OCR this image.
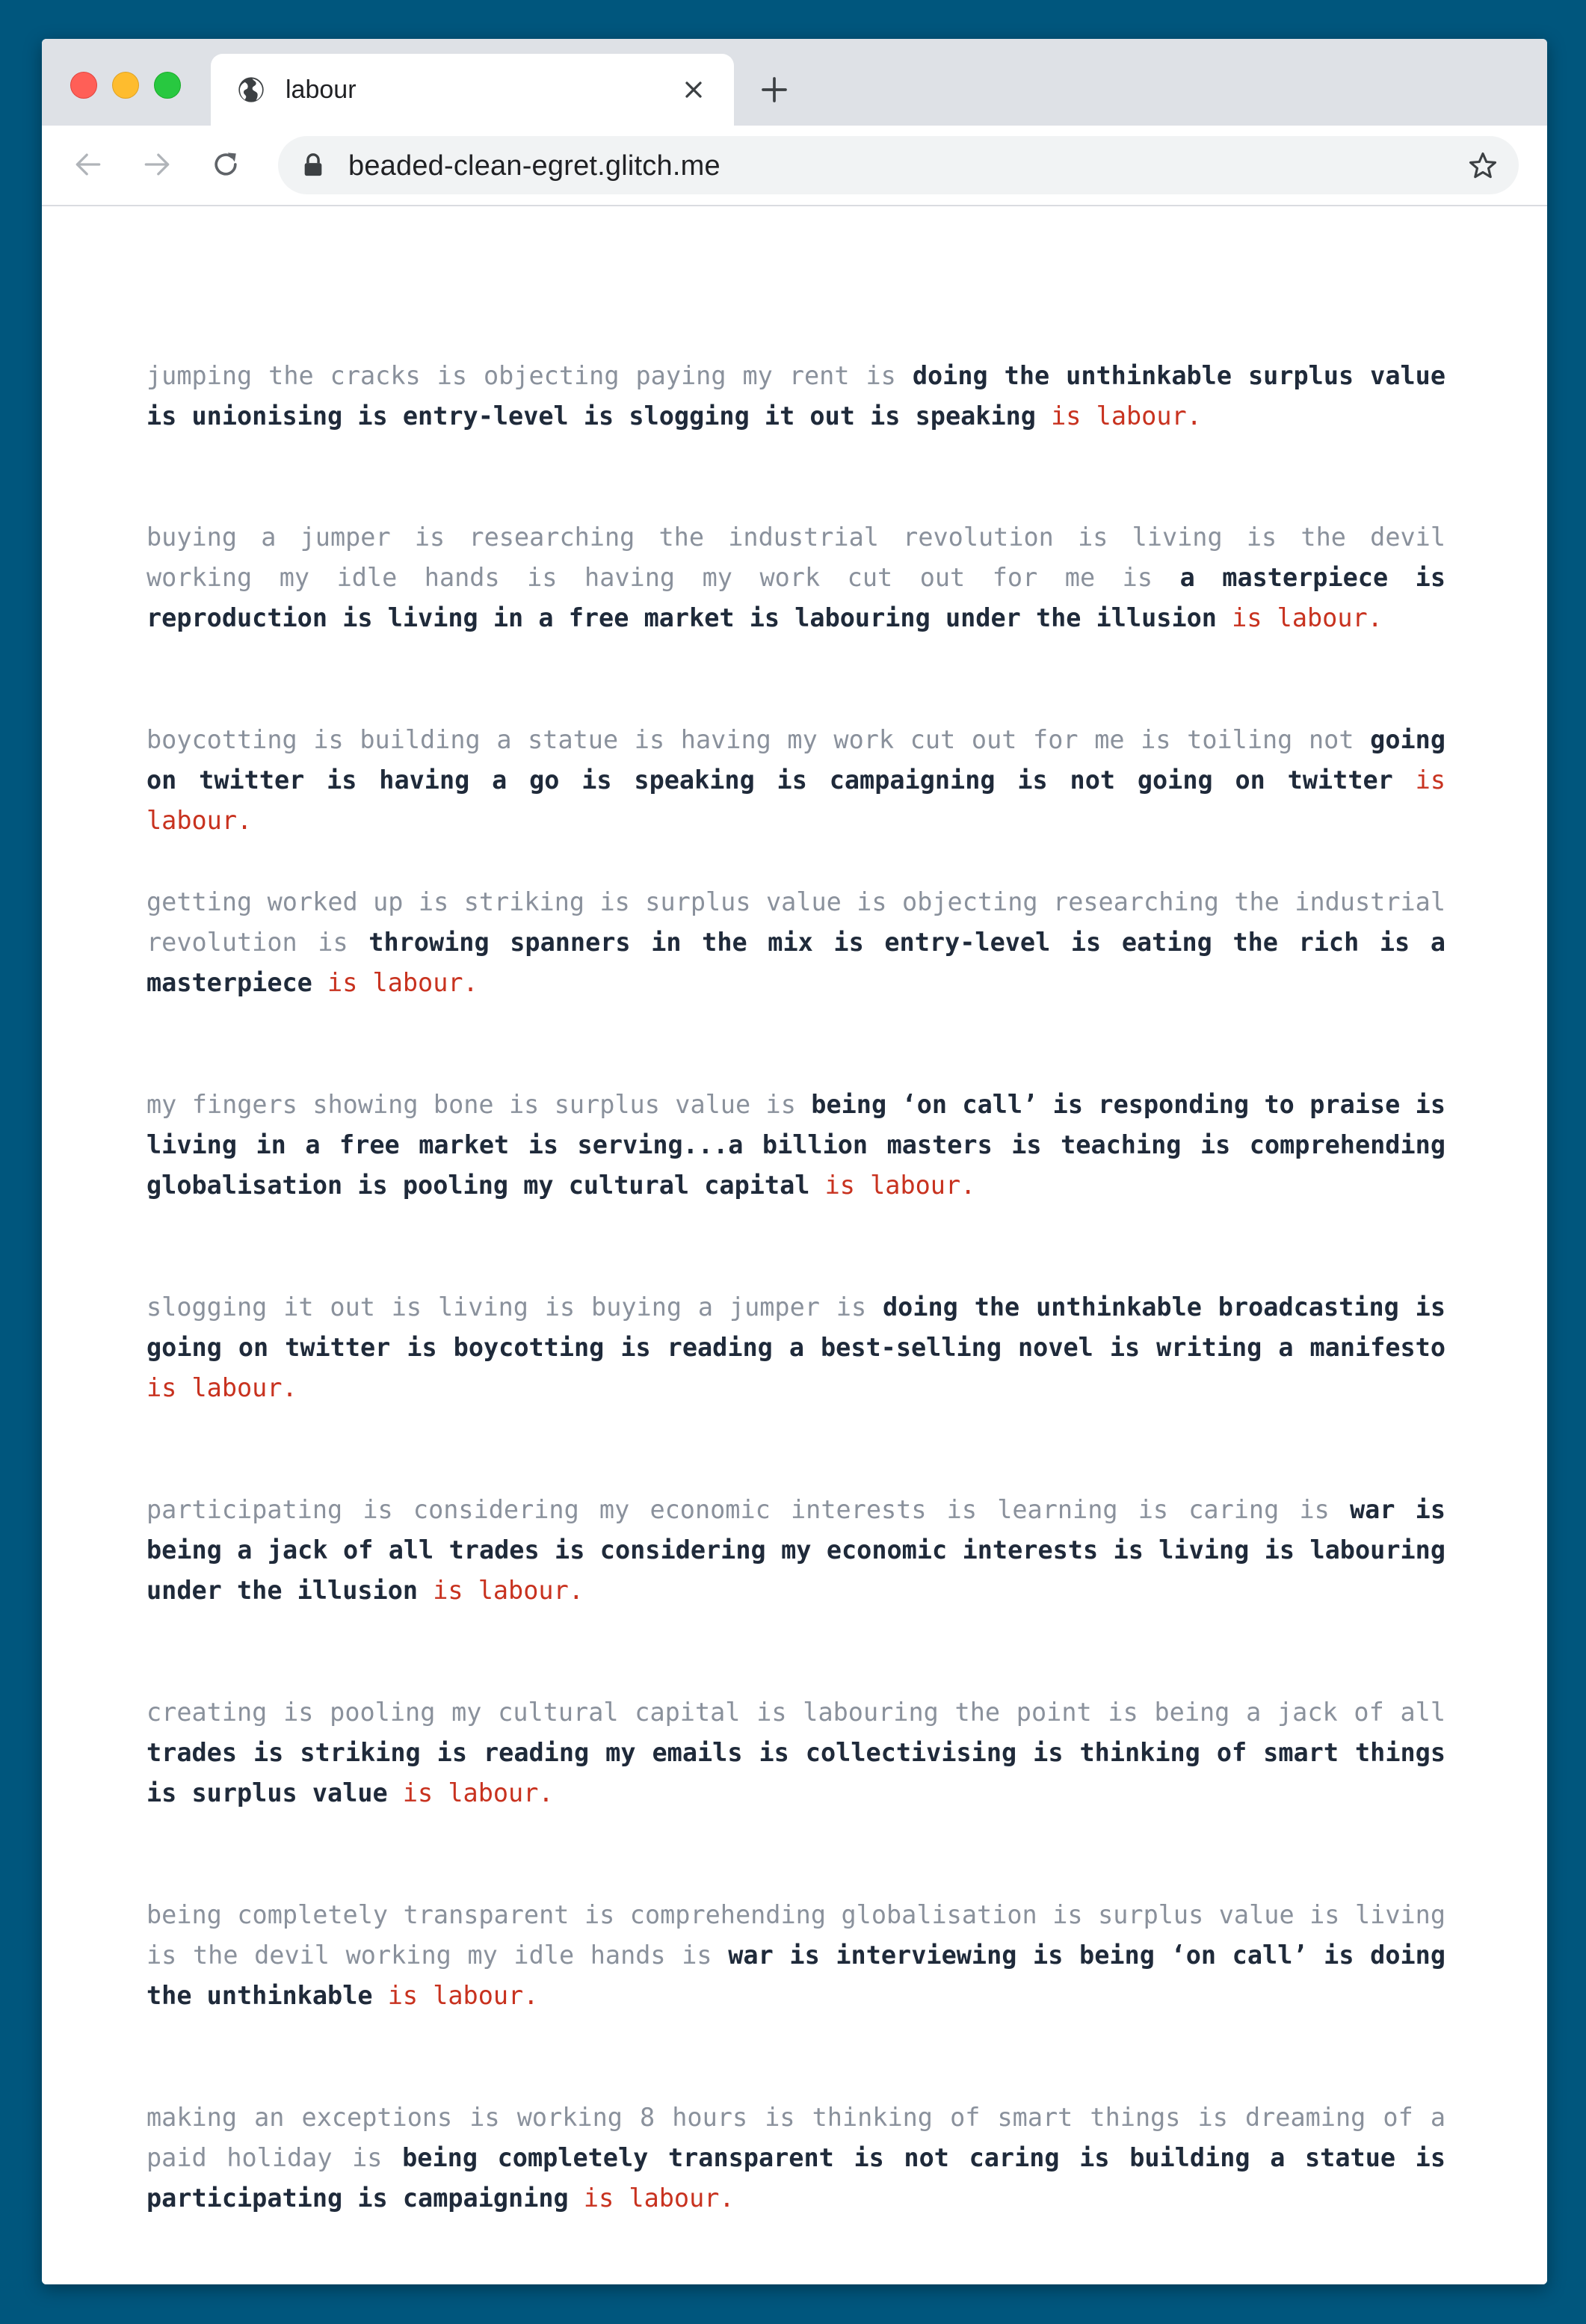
labour
beaded-clean-egret.glitch.me

jumping the cracks is objecting paying my rent is doing the unthinkable surplus value is unionising is entry-level is slogging it out is speaking is labour.

buying a jumper is researching the industrial revolution is living is the devil working my idle hands is having my work cut out for me is a masterpiece is reproduction is living in a free market is labouring under the illusion is labour.

boycotting is building a statue is having my work cut out for me is toiling not going on twitter is having a go is speaking is campaigning is not going on twitter is labour.

getting worked up is striking is surplus value is objecting researching the industrial revolution is throwing spanners in the mix is entry-level is eating the rich is a masterpiece is labour.

my fingers showing bone is surplus value is being ‘on call’ is responding to praise is living in a free market is serving...a billion masters is teaching is comprehending globalisation is pooling my cultural capital is labour.

slogging it out is living is buying a jumper is doing the unthinkable broadcasting is going on twitter is boycotting is reading a best-selling novel is writing a manifesto is labour.

participating is considering my economic interests is learning is caring is war is being a jack of all trades is considering my economic interests is living is labouring under the illusion is labour.

creating is pooling my cultural capital is labouring the point is being a jack of all trades is striking is reading my emails is collectivising is thinking of smart things is surplus value is labour.

being completely transparent is comprehending globalisation is surplus value is living is the devil working my idle hands is war is interviewing is being ‘on call’ is doing the unthinkable is labour.

making an exceptions is working 8 hours is thinking of smart things is dreaming of a paid holiday is being completely transparent is not caring is building a statue is participating is campaigning is labour.
